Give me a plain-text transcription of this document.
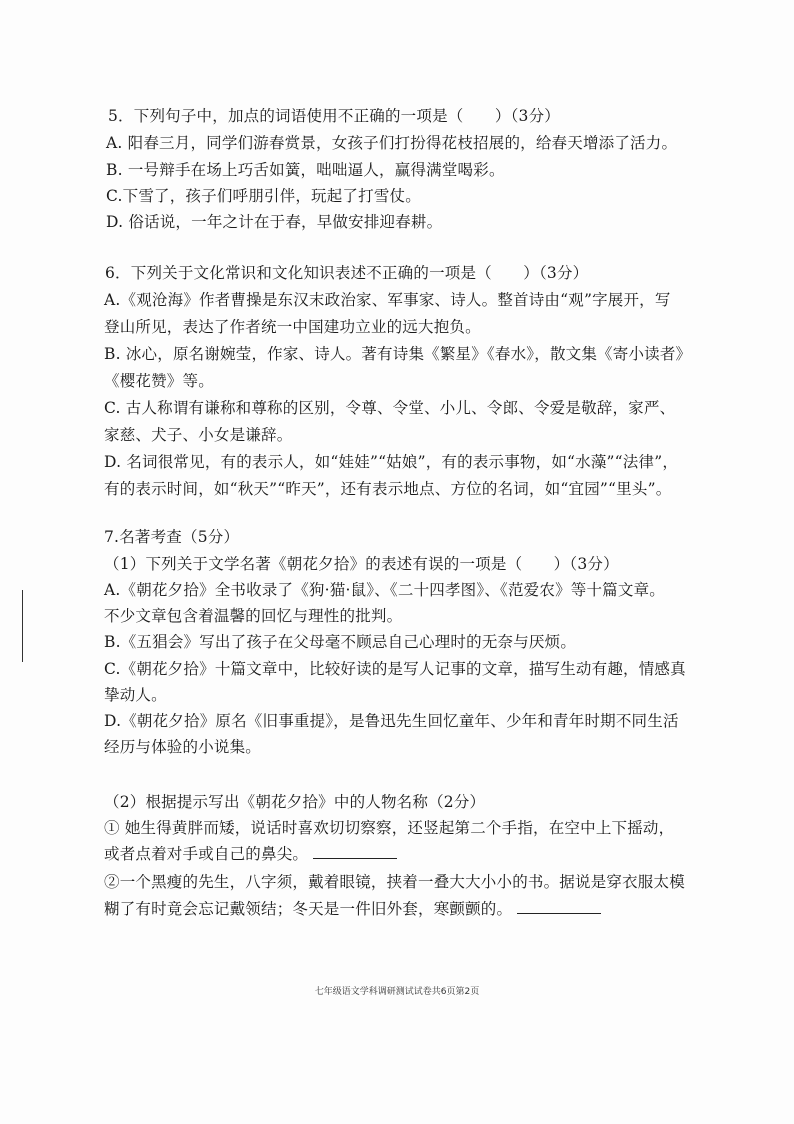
5．下列句子中，加点的词语使用不正确的一项是（　　）（3分）
A. 阳春三月，同学们游春赏景，女孩子们打扮得花枝招展的，给春天增添了活力。
B. 一号辩手在场上巧舌如簧，咄咄逼人，赢得满堂喝彩。
C.下雪了，孩子们呼朋引伴，玩起了打雪仗。
D. 俗话说，一年之计在于春，早做安排迎春耕。
6．下列关于文化常识和文化知识表述不正确的一项是（　　）（3分）
A.《观沧海》作者曹操是东汉末政治家、军事家、诗人。整首诗由“观”字展开，写
登山所见，表达了作者统一中国建功立业的远大抱负。
B. 冰心，原名谢婉莹，作家、诗人。著有诗集《繁星》《春水》，散文集《寄小读者》
《樱花赞》等。
C. 古人称谓有谦称和尊称的区别，令尊、令堂、小儿、令郎、令爱是敬辞，家严、
家慈、犬子、小女是谦辞。
D. 名词很常见，有的表示人，如“娃娃”“姑娘”，有的表示事物，如“水藻”“法律”，
有的表示时间，如“秋天”“昨天”，还有表示地点、方位的名词，如“宜园”“里头”。
7.名著考查（5分）
（1）下列关于文学名著《朝花夕拾》的表述有误的一项是（　　）（3分）
A.《朝花夕拾》全书收录了《狗·猫·鼠》、《二十四孝图》、《范爱农》等十篇文章。
不少文章包含着温馨的回忆与理性的批判。
B.《五猖会》写出了孩子在父母毫不顾忌自己心理时的无奈与厌烦。
C.《朝花夕拾》十篇文章中，比较好读的是写人记事的文章，描写生动有趣，情感真
挚动人。
D.《朝花夕拾》原名《旧事重提》，是鲁迅先生回忆童年、少年和青年时期不同生活
经历与体验的小说集。
（2）根据提示写出《朝花夕拾》中的人物名称（2分）
① 她生得黄胖而矮，说话时喜欢切切察察，还竖起第二个手指，在空中上下摇动，
或者点着对手或自己的鼻尖。
②一个黑瘦的先生，八字须，戴着眼镜，挟着一叠大大小小的书。据说是穿衣服太模
糊了有时竟会忘记戴领结；冬天是一件旧外套，寒颤颤的。
七年级语文学科调研测试试卷共6页第2页
